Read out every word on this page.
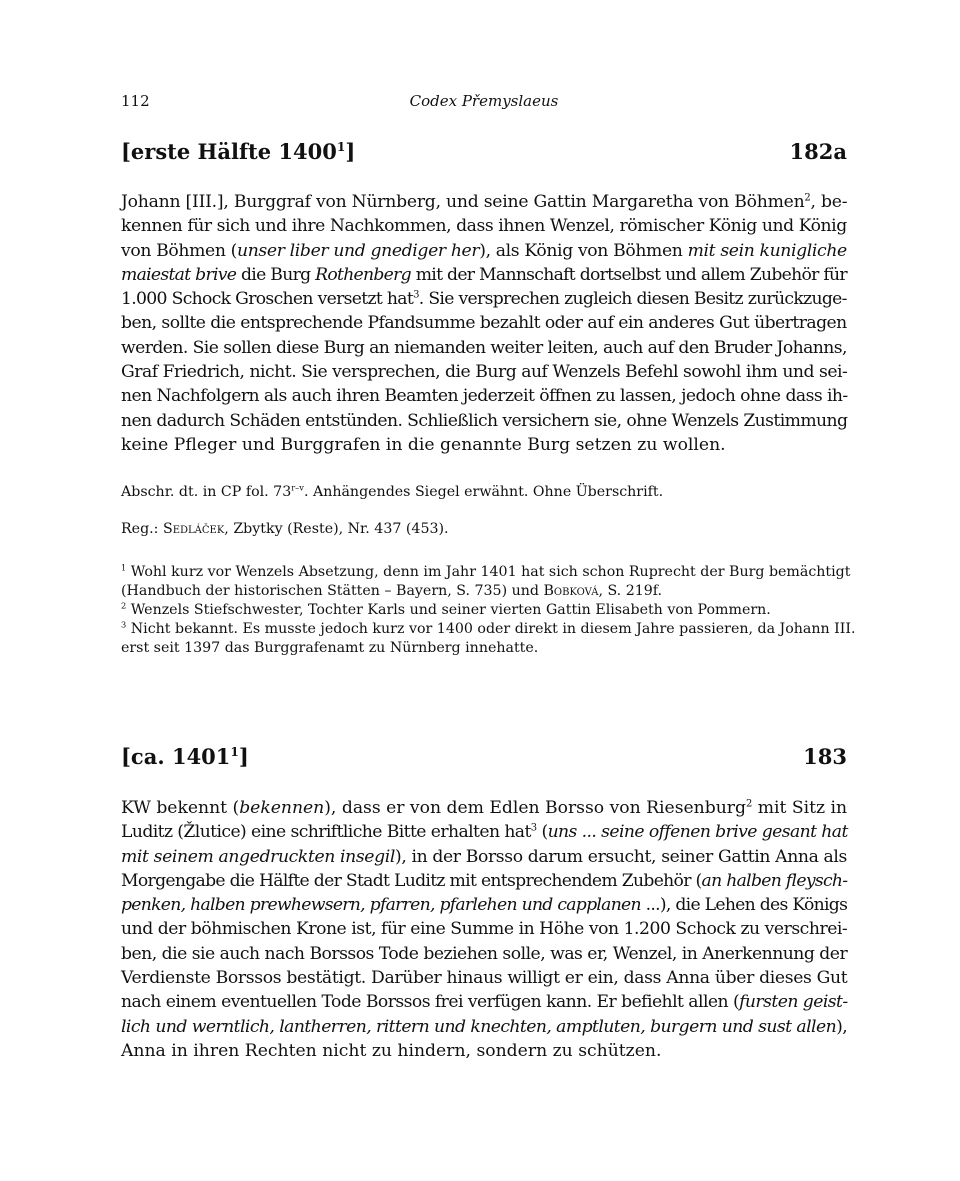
112	Codex Přemyslaeus
[erste Hälfte 1400$^1$]	182a
Johann [III.], Burggraf von Nürnberg, und seine Gattin Margaretha von Böhmen$^2$, be-
kennen für sich und ihre Nachkommen, dass ihnen Wenzel, römischer König und König
von Böhmen (unser liber und gnediger her), als König von Böhmen mit sein kunigliche
maiestat brive die Burg Rothenberg mit der Mannschaft dortselbst und allem Zubehör für
1.000 Schock Groschen versetzt hat$^3$. Sie versprechen zugleich diesen Besitz zurückzuge-
ben, sollte die entsprechende Pfandsumme bezahlt oder auf ein anderes Gut übertragen
werden. Sie sollen diese Burg an niemanden weiter leiten, auch auf den Bruder Johanns,
Graf Friedrich, nicht. Sie versprechen, die Burg auf Wenzels Befehl sowohl ihm und sei-
nen Nachfolgern als auch ihren Beamten jederzeit öffnen zu lassen, jedoch ohne dass ih-
nen dadurch Schäden entstünden. Schließlich versichern sie, ohne Wenzels Zustimmung
keine Pfleger und Burggrafen in die genannte Burg setzen zu wollen.

Abschr. dt. in CP fol. 73$^{r-v}$. Anhängendes Siegel erwähnt. Ohne Überschrift.

Reg.: Sedláček, Zbytky (Reste), Nr. 437 (453).

$^1$ Wohl kurz vor Wenzels Absetzung, denn im Jahr 1401 hat sich schon Ruprecht der Burg bemächtigt
(Handbuch der historischen Stätten – Bayern, S. 735) und Bobková, S. 219f.
$^2$ Wenzels Stiefschwester, Tochter Karls und seiner vierten Gattin Elisabeth von Pommern.
$^3$ Nicht bekannt. Es musste jedoch kurz vor 1400 oder direkt in diesem Jahre passieren, da Johann III.
erst seit 1397 das Burggrafenamt zu Nürnberg innehatte.
[ca. 1401$^1$]	183
KW bekennt (bekennen), dass er von dem Edlen Borsso von Riesenburg$^2$ mit Sitz in
Luditz (Žlutice) eine schriftliche Bitte erhalten hat$^3$ (uns ... seine offenen brive gesant hat
mit seinem angedruckten insegil), in der Borsso darum ersucht, seiner Gattin Anna als
Morgengabe die Hälfte der Stadt Luditz mit entsprechendem Zubehör (an halben fleysch-
penken, halben prewhewsern, pfarren, pfarlehen und capplanen ...), die Lehen des Königs
und der böhmischen Krone ist, für eine Summe in Höhe von 1.200 Schock zu verschrei-
ben, die sie auch nach Borssos Tode beziehen solle, was er, Wenzel, in Anerkennung der
Verdienste Borssos bestätigt. Darüber hinaus willigt er ein, dass Anna über dieses Gut
nach einem eventuellen Tode Borssos frei verfügen kann. Er befiehlt allen (fursten geist-
lich und werntlich, lantherren, rittern und knechten, amptluten, burgern und sust allen),
Anna in ihren Rechten nicht zu hindern, sondern zu schützen.
